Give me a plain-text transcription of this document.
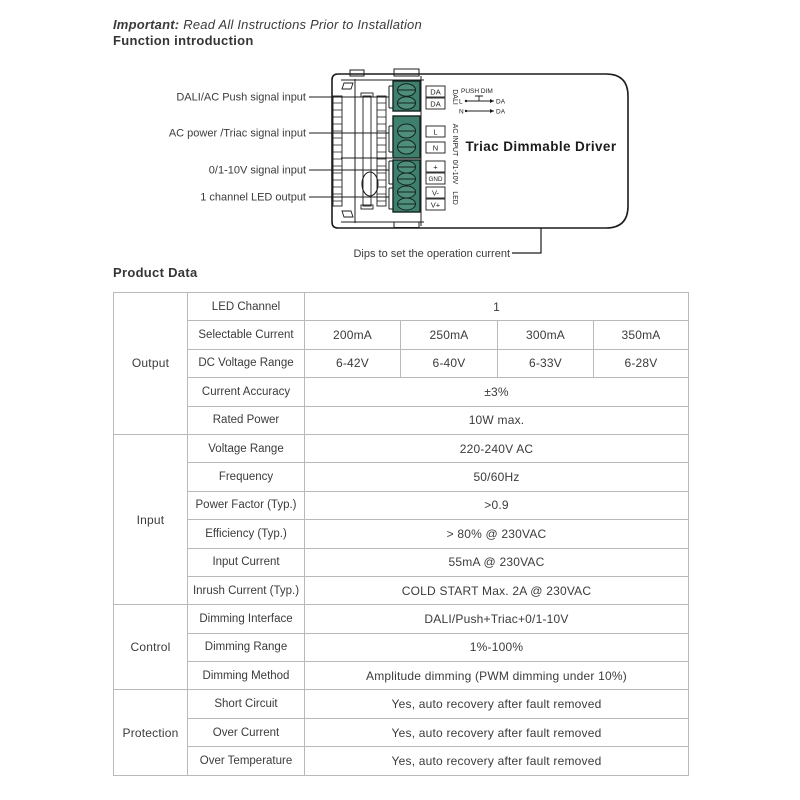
Important: Read All Instructions Prior to Installation
Function introduction
Product Data
DALI/AC Push signal input
AC power /Triac signal input
0/1-10V signal input
1 channel LED output
DA
DA
L
N
+
GND
V-
V+
DALI
AC INPUT
0/1-10V
LED
PUSH DIM
L	DA
N	DA
Triac Dimmable Driver
Dips to set the operation current
Output	LED Channel	1			
	Selectable Current	200mA	250mA	300mA	350mA
	DC Voltage Range	6-42V	6-40V	6-33V	6-28V
	Current Accuracy	±3%			
	Rated Power	10W max.			
Input	Voltage Range	220-240V AC			
	Frequency	50/60Hz			
	Power Factor (Typ.)	>0.9			
	Efficiency (Typ.)	> 80% @ 230VAC			
	Input Current	55mA @ 230VAC			
	Inrush Current (Typ.)	COLD START Max. 2A @ 230VAC			
Control	Dimming Interface	DALI/Push+Triac+0/1-10V			
	Dimming Range	1%-100%			
	Dimming Method	Amplitude dimming (PWM dimming under 10%)			
Protection	Short Circuit	Yes, auto recovery after fault removed			
	Over Current	Yes, auto recovery after fault removed			
	Over Temperature	Yes, auto recovery after fault removed			
